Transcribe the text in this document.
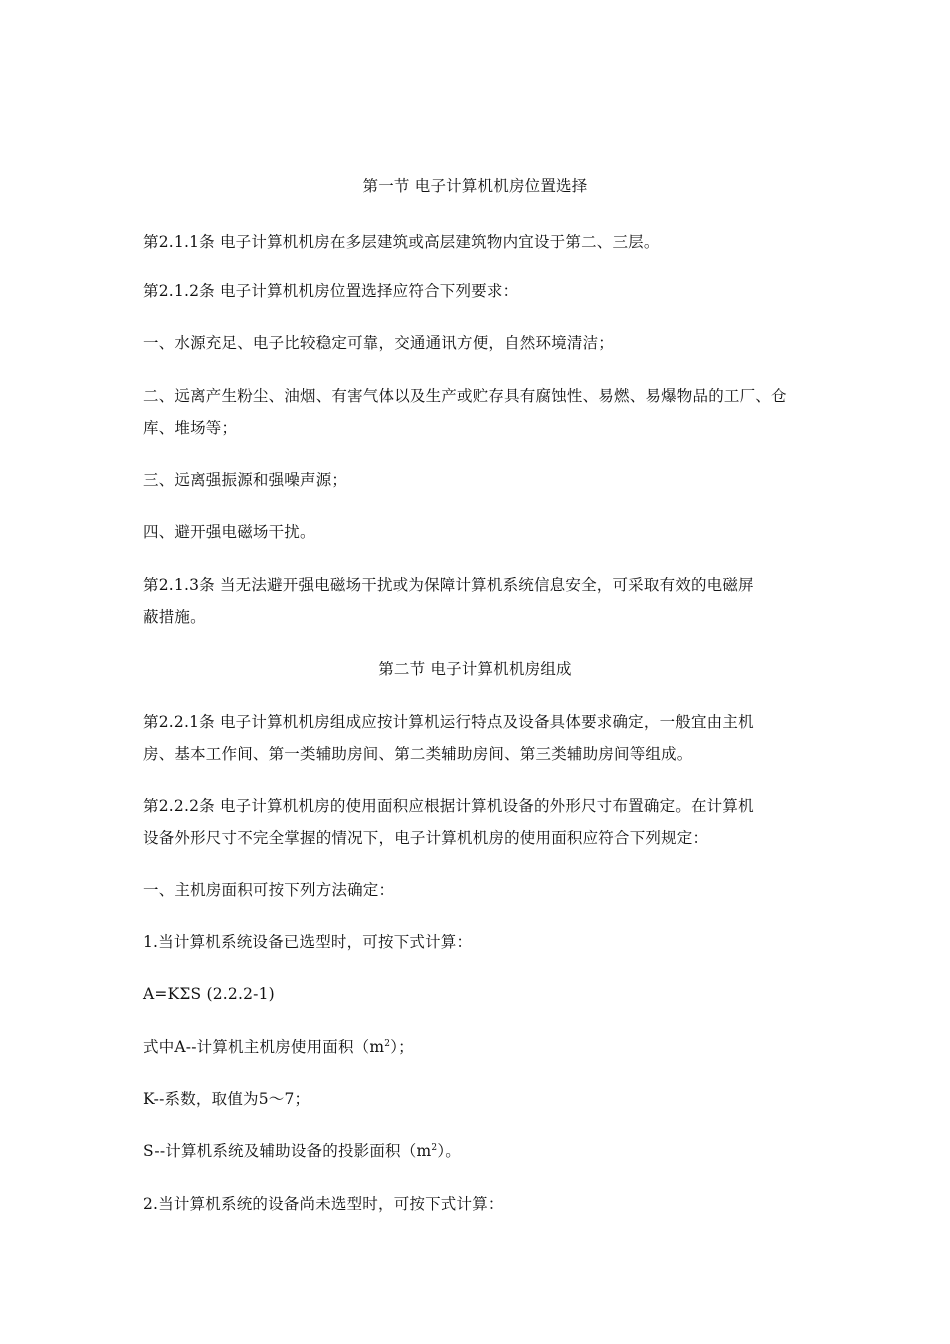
第一节 电子计算机机房位置选择
第2.1.1条 电子计算机机房在多层建筑或高层建筑物内宜设于第二、三层。
第2.1.2条 电子计算机机房位置选择应符合下列要求：
一、水源充足、电子比较稳定可靠，交通通讯方便，自然环境清洁；
二、远离产生粉尘、油烟、有害气体以及生产或贮存具有腐蚀性、易燃、易爆物品的工厂、仓
库、堆场等；
三、远离强振源和强噪声源；
四、避开强电磁场干扰。
第2.1.3条 当无法避开强电磁场干扰或为保障计算机系统信息安全，可采取有效的电磁屏
蔽措施。
第二节 电子计算机机房组成
第2.2.1条 电子计算机机房组成应按计算机运行特点及设备具体要求确定，一般宜由主机
房、基本工作间、第一类辅助房间、第二类辅助房间、第三类辅助房间等组成。
第2.2.2条 电子计算机机房的使用面积应根据计算机设备的外形尺寸布置确定。在计算机
设备外形尺寸不完全掌握的情况下，电子计算机机房的使用面积应符合下列规定：
一、主机房面积可按下列方法确定：
1.当计算机系统设备已选型时，可按下式计算：
A=KΣS (2.2.2-1)
式中A--计算机主机房使用面积$(m^2)$；
K--系数，取值为5～7；
S--计算机系统及辅助设备的投影面积$(m^2)$。
2.当计算机系统的设备尚未选型时，可按下式计算：
